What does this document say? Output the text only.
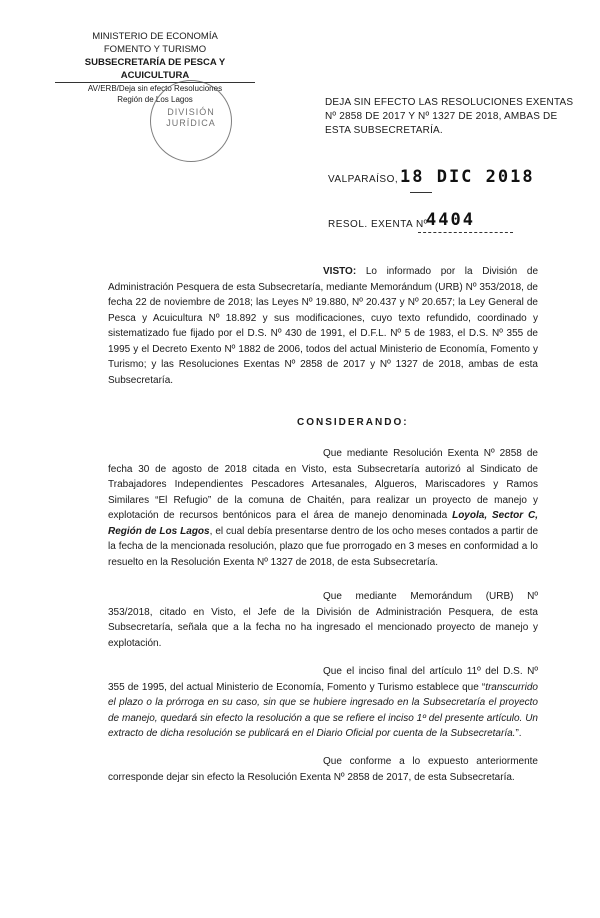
MINISTERIO DE ECONOMÍA
FOMENTO Y TURISMO
SUBSECRETARÍA DE PESCA Y ACUICULTURA
AV/ERB/Deja sin efecto Resoluciones
Región de Los Lagos
DIVISIÓN
JURÍDICA
DEJA SIN EFECTO LAS RESOLUCIONES EXENTAS Nº 2858 DE 2017 Y Nº 1327 DE 2018, AMBAS DE ESTA SUBSECRETARÍA.
VALPARAÍSO, 18 DIC 2018
RESOL. EXENTA Nº
4404
VISTO: Lo informado por la División de Administración Pesquera de esta Subsecretaría, mediante Memorándum (URB) Nº 353/2018, de fecha 22 de noviembre de 2018; las Leyes Nº 19.880, Nº 20.437 y Nº 20.657; la Ley General de Pesca y Acuicultura Nº 18.892 y sus modificaciones, cuyo texto refundido, coordinado y sistematizado fue fijado por el D.S. Nº 430 de 1991, el D.F.L. Nº 5 de 1983, el D.S. Nº 355 de 1995 y el Decreto Exento Nº 1882 de 2006, todos del actual Ministerio de Economía, Fomento y Turismo; y las Resoluciones Exentas Nº 2858 de 2017 y Nº 1327 de 2018, ambas de esta Subsecretaría.
CONSIDERANDO:
Que mediante Resolución Exenta Nº 2858 de fecha 30 de agosto de 2018 citada en Visto, esta Subsecretaría autorizó al Sindicato de Trabajadores Independientes Pescadores Artesanales, Algueros, Mariscadores y Ramos Similares “El Refugio” de la comuna de Chaitén, para realizar un proyecto de manejo y explotación de recursos bentónicos para el área de manejo denominada Loyola, Sector C, Región de Los Lagos, el cual debía presentarse dentro de los ocho meses contados a partir de la fecha de la mencionada resolución, plazo que fue prorrogado en 3 meses en conformidad a lo resuelto en la Resolución Exenta Nº 1327 de 2018, de esta Subsecretaría.
Que mediante Memorándum (URB) Nº 353/2018, citado en Visto, el Jefe de la División de Administración Pesquera, de esta Subsecretaría, señala que a la fecha no ha ingresado el mencionado proyecto de manejo y explotación.
Que el inciso final del artículo 11º del D.S. Nº 355 de 1995, del actual Ministerio de Economía, Fomento y Turismo establece que “transcurrido el plazo o la prórroga en su caso, sin que se hubiere ingresado en la Subsecretaría el proyecto de manejo, quedará sin efecto la resolución a que se refiere el inciso 1º del presente artículo. Un extracto de dicha resolución se publicará en el Diario Oficial por cuenta de la Subsecretaría.”.
Que conforme a lo expuesto anteriormente corresponde dejar sin efecto la Resolución Exenta Nº 2858 de 2017, de esta Subsecretaría.
